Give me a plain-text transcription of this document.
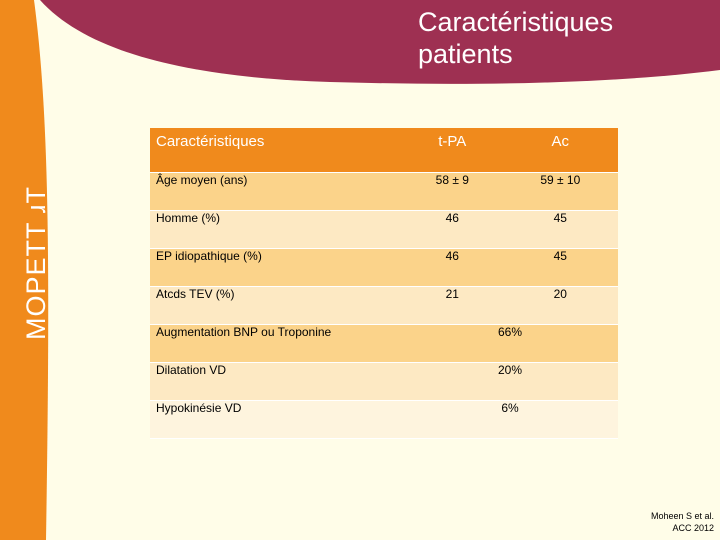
Caractéristiques
patients
MOPETT ɹT
Caractéristiques	t-PA	Ac
Âge moyen (ans)	58 ± 9	59 ± 10
Homme (%)	46	45
EP idiopathique (%)	46	45
Atcds TEV (%)	21	20
Augmentation BNP ou Troponine	66%	
Dilatation VD	20%	
Hypokinésie VD	6%	
Moheen S et al.
ACC 2012
